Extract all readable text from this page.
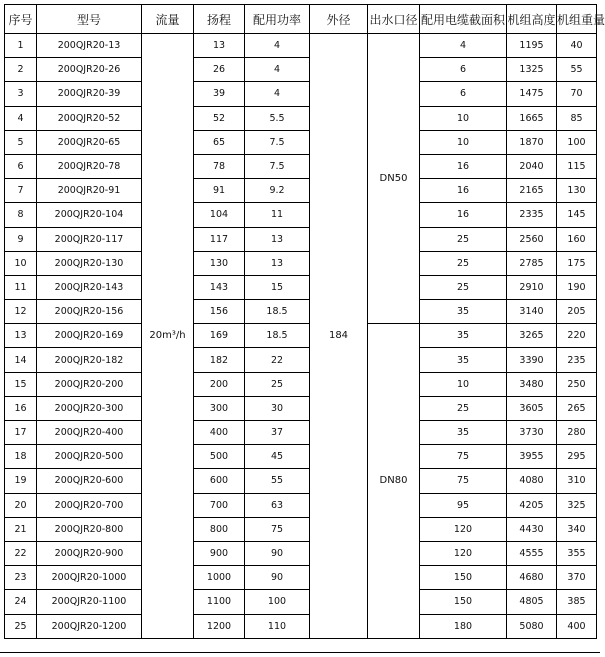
序号	型号	流量	扬程	配用功率	外径	出水口径	配用电缆截面积	机组高度	机组重量
1	200QJR20-13	20m³/h	13	4	184	DN50	4	1195	40
2	200QJR20-26		26	4			6	1325	55
3	200QJR20-39		39	4			6	1475	70
4	200QJR20-52		52	5.5			10	1665	85
5	200QJR20-65		65	7.5			10	1870	100
6	200QJR20-78		78	7.5			16	2040	115
7	200QJR20-91		91	9.2			16	2165	130
8	200QJR20-104		104	11			16	2335	145
9	200QJR20-117		117	13			25	2560	160
10	200QJR20-130		130	13			25	2785	175
11	200QJR20-143		143	15			25	2910	190
12	200QJR20-156		156	18.5			35	3140	205
13	200QJR20-169		169	18.5		DN80	35	3265	220
14	200QJR20-182		182	22			35	3390	235
15	200QJR20-200		200	25			10	3480	250
16	200QJR20-300		300	30			25	3605	265
17	200QJR20-400		400	37			35	3730	280
18	200QJR20-500		500	45			75	3955	295
19	200QJR20-600		600	55			75	4080	310
20	200QJR20-700		700	63			95	4205	325
21	200QJR20-800		800	75			120	4430	340
22	200QJR20-900		900	90			120	4555	355
23	200QJR20-1000		1000	90			150	4680	370
24	200QJR20-1100		1100	100			150	4805	385
25	200QJR20-1200		1200	110			180	5080	400
